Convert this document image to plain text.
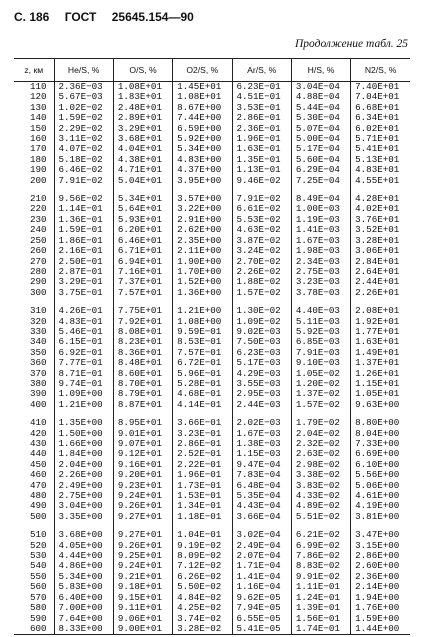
С. 186 ГОСТ 25645.154—90
Продолжение табл. 25
z, км	He/S, %	O/S, %	O2/S, %	Ar/S, %	H/S, %	N2/S, %
110	2.36E−03	1.08E+01	1.45E+01	6.23E−01	3.04E−04	7.40E+01
120	5.67E−03	1.83E+01	1.08E+01	4.51E−01	4.88E−04	7.04E+01
130	1.02E−02	2.48E+01	8.67E+00	3.53E−01	5.44E−04	6.68E+01
140	1.59E−02	2.89E+01	7.44E+00	2.86E−01	5.30E−04	6.34E+01
150	2.29E−02	3.29E+01	6.59E+00	2.36E−01	5.07E−04	6.02E+01
160	3.11E−02	3.68E+01	5.92E+00	1.96E−01	5.00E−04	5.71E+01
170	4.07E−02	4.04E+01	5.34E+00	1.63E−01	5.17E−04	5.41E+01
180	5.18E−02	4.38E+01	4.83E+00	1.35E−01	5.60E−04	5.13E+01
190	6.46E−02	4.71E+01	4.37E+00	1.13E−01	6.29E−04	4.83E+01
200	7.91E−02	5.04E+01	3.95E+00	9.46E−02	7.25E−04	4.55E+01

210	9.56E−02	5.34E+01	3.57E+00	7.91E−02	8.49E−04	4.28E+01
220	1.14E−01	5.64E+01	3.22E+00	6.61E−02	1.00E−03	4.02E+01
230	1.36E−01	5.93E+01	2.91E+00	5.53E−02	1.19E−03	3.76E+01
240	1.59E−01	6.20E+01	2.62E+00	4.63E−02	1.41E−03	3.52E+01
250	1.86E−01	6.46E+01	2.35E+00	3.87E−02	1.67E−03	3.28E+01
260	2.16E−01	6.71E+01	2.11E+00	3.24E−02	1.98E−03	3.06E+01
270	2.50E−01	6.94E+01	1.90E+00	2.70E−02	2.34E−03	2.84E+01
280	2.87E−01	7.16E+01	1.70E+00	2.26E−02	2.75E−03	2.64E+01
290	3.29E−01	7.37E+01	1.52E+00	1.88E−02	3.23E−03	2.44E+01
300	3.75E−01	7.57E+01	1.36E+00	1.57E−02	3.78E−03	2.26E+01

310	4.26E−01	7.75E+01	1.21E+00	1.30E−02	4.40E−03	2.08E+01
320	4.83E−01	7.92E+01	1.08E+00	1.09E−02	5.11E−03	1.92E+01
330	5.46E−01	8.08E+01	9.59E−01	9.02E−03	5.92E−03	1.77E+01
340	6.15E−01	8.23E+01	8.53E−01	7.50E−03	6.85E−03	1.63E+01
350	6.92E−01	8.36E+01	7.57E−01	6.23E−03	7.91E−03	1.49E+01
360	7.77E−01	8.48E+01	6.72E−01	5.17E−03	9.10E−03	1.37E+01
370	8.71E−01	8.60E+01	5.96E−01	4.29E−03	1.05E−02	1.26E+01
380	9.74E−01	8.70E+01	5.28E−01	3.55E−03	1.20E−02	1.15E+01
390	1.09E+00	8.79E+01	4.68E−01	2.95E−03	1.37E−02	1.05E+01
400	1.21E+00	8.87E+01	4.14E−01	2.44E−03	1.57E−02	9.63E+00

410	1.35E+00	8.95E+01	3.66E−01	2.02E−03	1.79E−02	8.80E+00
420	1.50E+00	9.01E+01	3.23E−01	1.67E−03	2.04E−02	8.04E+00
430	1.66E+00	9.07E+01	2.86E−01	1.38E−03	2.32E−02	7.33E+00
440	1.84E+00	9.12E+01	2.52E−01	1.15E−03	2.63E−02	6.69E+00
450	2.04E+00	9.16E+01	2.22E−01	9.47E−04	2.98E−02	6.10E+00
460	2.26E+00	9.20E+01	1.96E−01	7.83E−04	3.38E−02	5.56E+00
470	2.49E+00	9.23E+01	1.73E−01	6.48E−04	3.83E−02	5.06E+00
480	2.75E+00	9.24E+01	1.53E−01	5.35E−04	4.33E−02	4.61E+00
490	3.04E+00	9.26E+01	1.34E−01	4.43E−04	4.89E−02	4.19E+00
500	3.35E+00	9.27E+01	1.18E−01	3.66E−04	5.51E−02	3.81E+00

510	3.68E+00	9.27E+01	1.04E−01	3.02E−04	6.21E−02	3.47E+00
520	4.05E+00	9.26E+01	9.19E−02	2.49E−04	6.99E−02	3.15E+00
530	4.44E+00	9.25E+01	8.09E−02	2.07E−04	7.86E−02	2.86E+00
540	4.86E+00	9.24E+01	7.12E−02	1.71E−04	8.83E−02	2.60E+00
550	5.34E+00	9.21E+01	6.26E−02	1.41E−04	9.91E−02	2.36E+00
560	5.83E+00	9.18E+01	5.50E−02	1.16E−04	1.11E−01	2.14E+00
570	6.40E+00	9.15E+01	4.84E−02	9.62E−05	1.24E−01	1.94E+00
580	7.00E+00	9.11E+01	4.25E−02	7.94E−05	1.39E−01	1.76E+00
590	7.64E+00	9.06E+01	3.74E−02	6.55E−05	1.56E−01	1.59E+00
600	8.33E+00	9.00E+01	3.28E−02	5.41E−05	1.74E−01	1.44E+00
